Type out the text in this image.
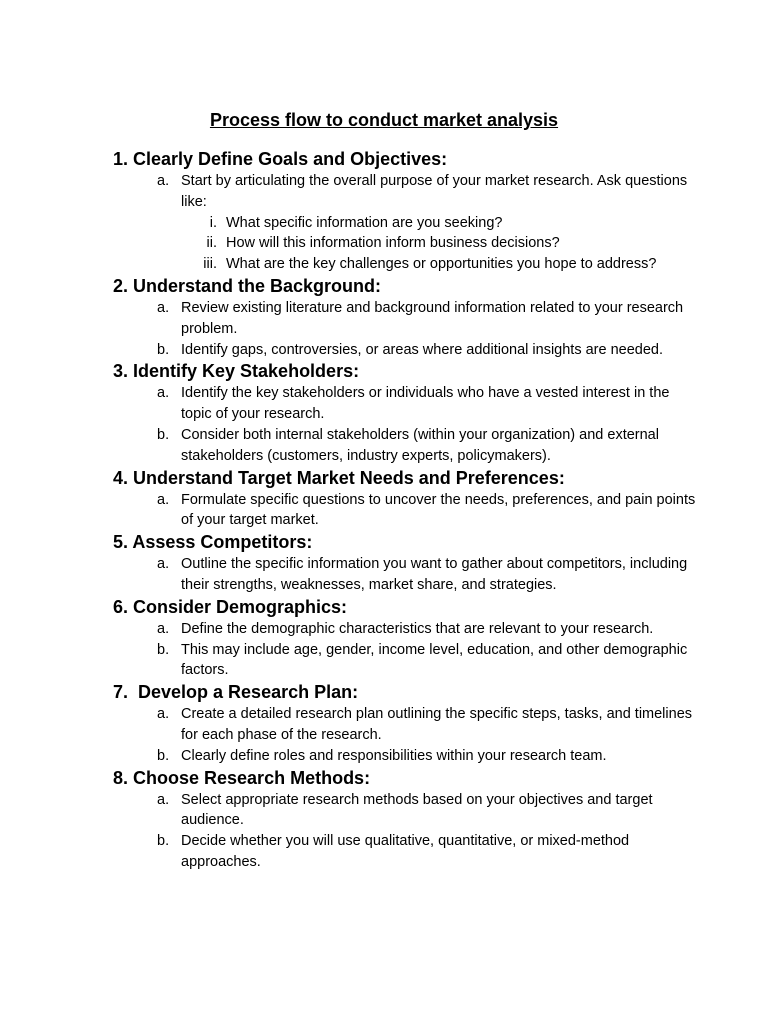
Process flow to conduct market analysis
1. Clearly Define Goals and Objectives:
a. Start by articulating the overall purpose of your market research. Ask questions like:
i. What specific information are you seeking?
ii. How will this information inform business decisions?
iii. What are the key challenges or opportunities you hope to address?
2. Understand the Background:
a. Review existing literature and background information related to your research problem.
b. Identify gaps, controversies, or areas where additional insights are needed.
3. Identify Key Stakeholders:
a. Identify the key stakeholders or individuals who have a vested interest in the topic of your research.
b. Consider both internal stakeholders (within your organization) and external stakeholders (customers, industry experts, policymakers).
4. Understand Target Market Needs and Preferences:
a. Formulate specific questions to uncover the needs, preferences, and pain points of your target market.
5. Assess Competitors:
a. Outline the specific information you want to gather about competitors, including their strengths, weaknesses, market share, and strategies.
6. Consider Demographics:
a. Define the demographic characteristics that are relevant to your research.
b. This may include age, gender, income level, education, and other demographic factors.
7.  Develop a Research Plan:
a. Create a detailed research plan outlining the specific steps, tasks, and timelines for each phase of the research.
b. Clearly define roles and responsibilities within your research team.
8. Choose Research Methods:
a. Select appropriate research methods based on your objectives and target audience.
b. Decide whether you will use qualitative, quantitative, or mixed-method approaches.
